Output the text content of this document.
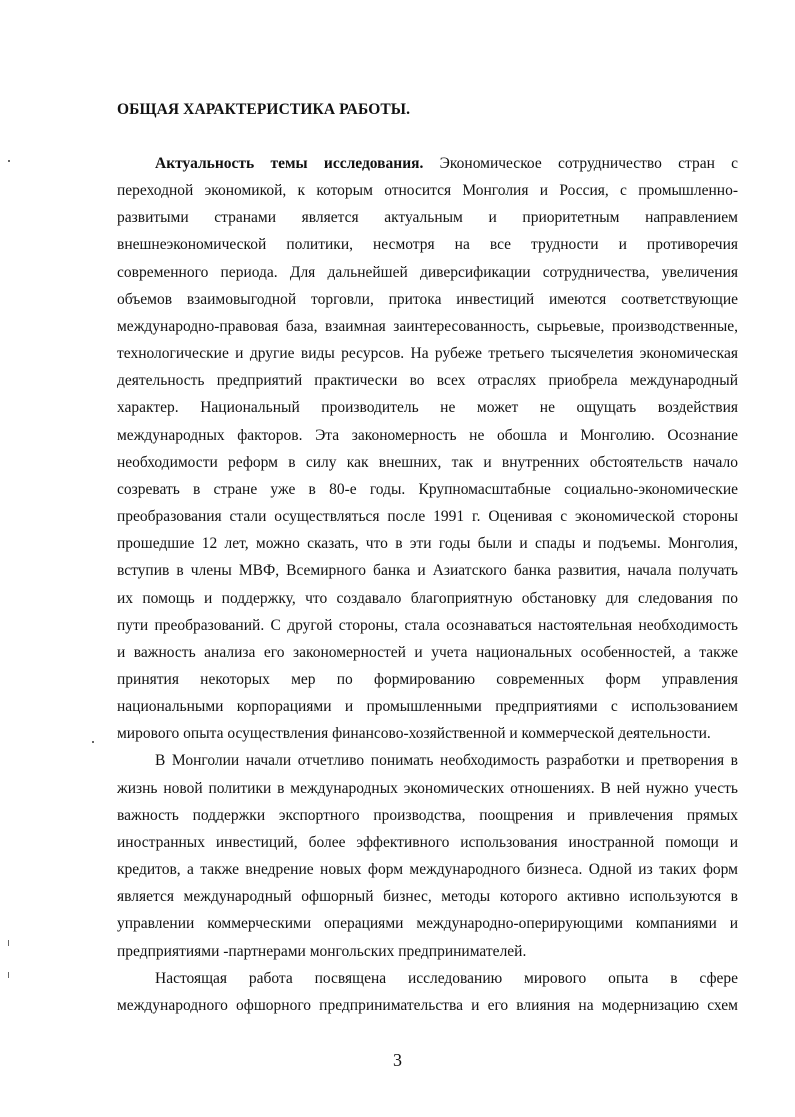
ОБЩАЯ ХАРАКТЕРИСТИКА РАБОТЫ.

Актуальность темы исследования. Экономическое сотрудничество стран с
переходной экономикой, к которым относится Монголия и Россия, с промышленно-
развитыми странами является актуальным и приоритетным направлением
внешнеэкономической политики, несмотря на все трудности и противоречия
современного периода. Для дальнейшей диверсификации сотрудничества, увеличения
объемов взаимовыгодной торговли, притока инвестиций имеются соответствующие
международно-правовая база, взаимная заинтересованность, сырьевые, производственные,
технологические и другие виды ресурсов. На рубеже третьего тысячелетия экономическая
деятельность предприятий практически во всех отраслях приобрела международный
характер. Национальный производитель не может не ощущать воздействия
международных факторов. Эта закономерность не обошла и Монголию. Осознание
необходимости реформ в силу как внешних, так и внутренних обстоятельств начало
созревать в стране уже в 80-е годы. Крупномасштабные социально-экономические
преобразования стали осуществляться после 1991 г. Оценивая с экономической стороны
прошедшие 12 лет, можно сказать, что в эти годы были и спады и подъемы. Монголия,
вступив в члены МВФ, Всемирного банка и Азиатского банка развития, начала получать
их помощь и поддержку, что создавало благоприятную обстановку для следования по
пути преобразований. С другой стороны, стала осознаваться настоятельная необходимость
и важность анализа его закономерностей и учета национальных особенностей, а также
принятия некоторых мер по формированию современных форм управления
национальными корпорациями и промышленными предприятиями с использованием
мирового опыта осуществления финансово-хозяйственной и коммерческой деятельности.

В Монголии начали отчетливо понимать необходимость разработки и претворения в
жизнь новой политики в международных экономических отношениях. В ней нужно учесть
важность поддержки экспортного производства, поощрения и привлечения прямых
иностранных инвестиций, более эффективного использования иностранной помощи и
кредитов, а также внедрение новых форм международного бизнеса. Одной из таких форм
является международный офшорный бизнес, методы которого активно используются в
управлении коммерческими операциями международно-оперирующими компаниями и
предприятиями -партнерами монгольских предпринимателей.

Настоящая работа посвящена исследованию мирового опыта в сфере
международного офшорного предпринимательства и его влияния на модернизацию схем

3
